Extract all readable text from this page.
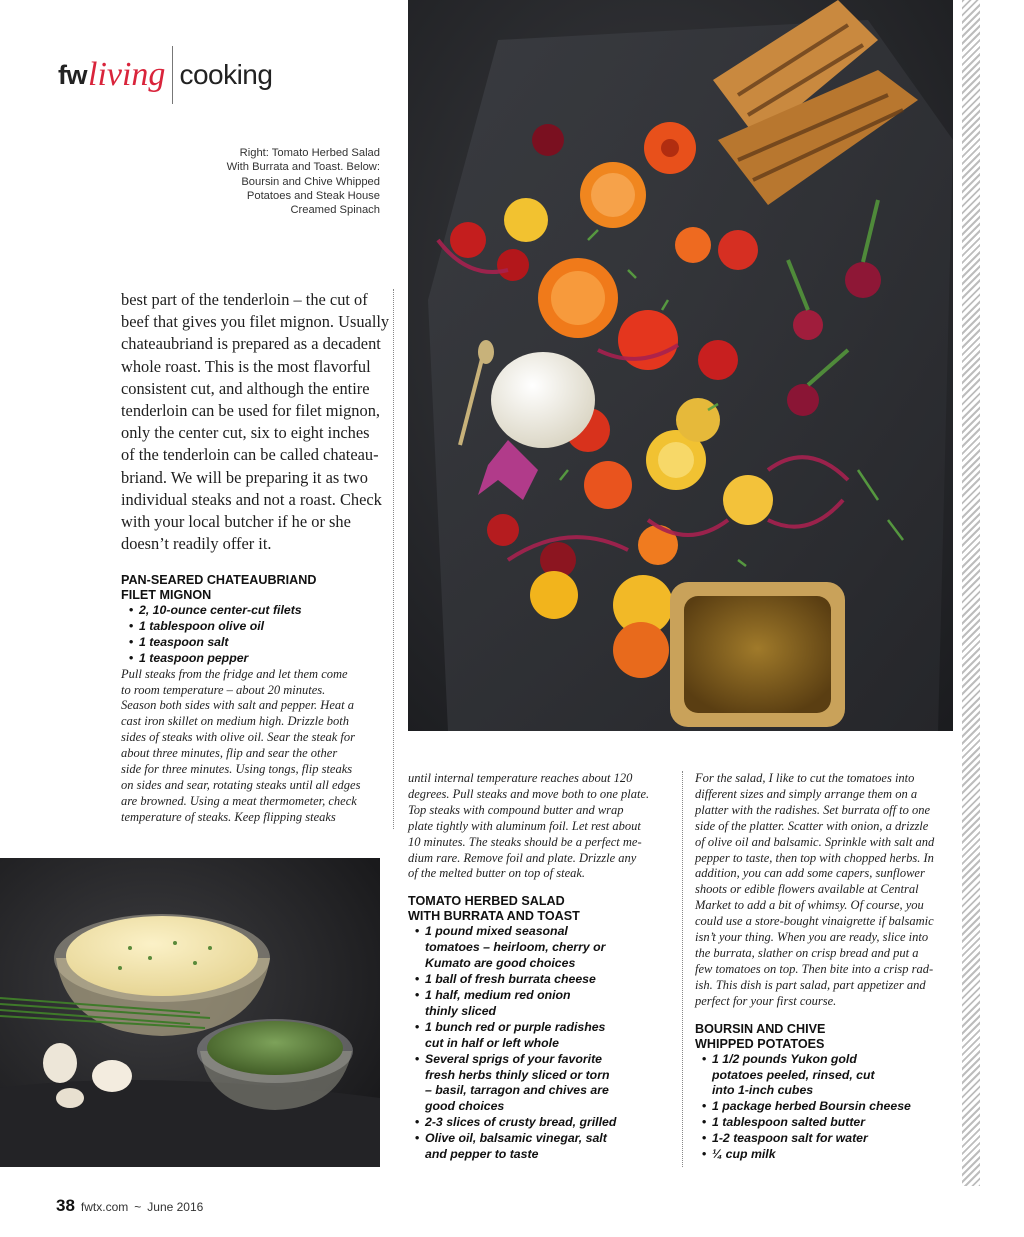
fw living cooking
Right: Tomato Herbed Salad
With Burrata and Toast. Below:
Boursin and Chive Whipped
Potatoes and Steak House
Creamed Spinach

best part of the tenderloin – the cut of

beef that gives you filet mignon. Usually

chateaubriand is prepared as a decadent

whole roast. This is the most flavorful

consistent cut, and although the entire

tenderloin can be used for filet mignon,

only the center cut, six to eight inches

of the tenderloin can be called chateau-

briand. We will be preparing it as two

individual steaks and not a roast. Check

with your local butcher if he or she

doesn’t readily offer it.

PAN-SEARED CHATEAUBRIAND
FILET MIGNON
• 2, 10-ounce center-cut filets
• 1 tablespoon olive oil
• 1 teaspoon salt
• 1 teaspoon pepper
Pull steaks from the fridge and let them come
to room temperature – about 20 minutes.
Season both sides with salt and pepper. Heat a
cast iron skillet on medium high. Drizzle both
sides of steaks with olive oil. Sear the steak for
about three minutes, flip and sear the other
side for three minutes. Using tongs, flip steaks
on sides and sear, rotating steaks until all edges
are browned. Using a meat thermometer, check
temperature of steaks. Keep flipping steaks
until internal temperature reaches about 120
degrees. Pull steaks and move both to one plate.
Top steaks with compound butter and wrap
plate tightly with aluminum foil. Let rest about
10 minutes. The steaks should be a perfect me-
dium rare. Remove foil and plate. Drizzle any
of the melted butter on top of steak.
TOMATO HERBED SALAD
WITH BURRATA AND TOAST
• 1 pound mixed seasonal
tomatoes – heirloom, cherry or
Kumato are good choices
• 1 ball of fresh burrata cheese
• 1 half, medium red onion
thinly sliced
• 1 bunch red or purple radishes
cut in half or left whole
• Several sprigs of your favorite
fresh herbs thinly sliced or torn
– basil, tarragon and chives are
good choices
• 2-3 slices of crusty bread, grilled
• Olive oil, balsamic vinegar, salt
and pepper to taste
For the salad, I like to cut the tomatoes into
different sizes and simply arrange them on a
platter with the radishes. Set burrata off to one
side of the platter. Scatter with onion, a drizzle
of olive oil and balsamic. Sprinkle with salt and
pepper to taste, then top with chopped herbs. In
addition, you can add some capers, sunflower
shoots or edible flowers available at Central
Market to add a bit of whimsy. Of course, you
could use a store-bought vinaigrette if balsamic
isn’t your thing. When you are ready, slice into
the burrata, slather on crisp bread and put a
few tomatoes on top. Then bite into a crisp rad-
ish. This dish is part salad, part appetizer and
perfect for your first course.
BOURSIN AND CHIVE
WHIPPED POTATOES
• 1 1/2 pounds Yukon gold
potatoes peeled, rinsed, cut
into 1-inch cubes
• 1 package herbed Boursin cheese
• 1 tablespoon salted butter
• 1-2 teaspoon salt for water
• ¼ cup milk
38 fwtx.com ~ June 2016
